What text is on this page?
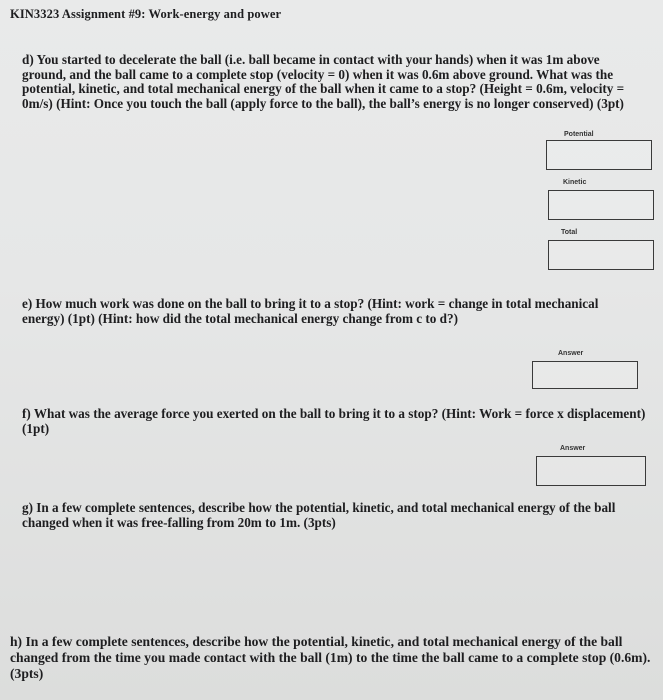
KIN3323 Assignment #9: Work-energy and power

d) You started to decelerate the ball (i.e. ball became in contact with your hands) when it was 1m above ground, and the ball came to a complete stop (velocity = 0) when it was 0.6m above ground. What was the potential, kinetic, and total mechanical energy of the ball when it came to a stop? (Height = 0.6m, velocity = 0m/s) (Hint: Once you touch the ball (apply force to the ball), the ball’s energy is no longer conserved) (3pt)

Potential
Kinetic
Total

e) How much work was done on the ball to bring it to a stop? (Hint: work = change in total mechanical energy) (1pt) (Hint: how did the total mechanical energy change from c to d?)

Answer

f) What was the average force you exerted on the ball to bring it to a stop? (Hint: Work = force x displacement) (1pt)

Answer

g) In a few complete sentences, describe how the potential, kinetic, and total mechanical energy of the ball changed when it was free-falling from 20m to 1m. (3pts)

h) In a few complete sentences, describe how the potential, kinetic, and total mechanical energy of the ball changed from the time you made contact with the ball (1m) to the time the ball came to a complete stop (0.6m). (3pts)
